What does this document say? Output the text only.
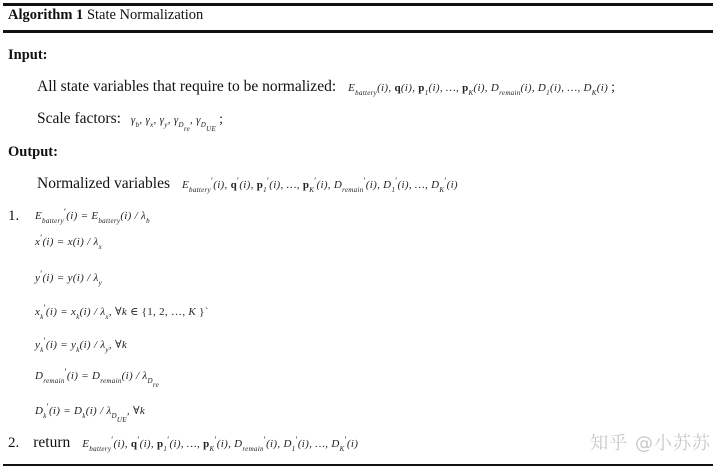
Algorithm 1 State Normalization
Input:
All state variables that require to be normalized: $E_{battery}(i)$, q(i), $p_1(i)$, …, $p_K(i)$, $D_{remain}(i)$, $D_1(i)$, …, $D_K(i)$ ;
Scale factors: $\gamma_b$, $\gamma_x$, $\gamma_y$, $\gamma_{D_{re}}$, $\gamma_{D_{UE}}$ ;
Output:
Normalized variables $E_{battery}'(i)$, q′(i), $p_1'(i)$, …, $p_K'(i)$, $D_{remain}'(i)$, $D_1'(i)$, …, $D_K'(i)$
1. $E_{battery}'(i) = E_{battery}(i) / \lambda_b$
$x'(i) = x(i) / \lambda_x$
$y'(i) = y(i) / \lambda_y$
$x_k'(i) = x_k(i) / \lambda_x$, ∀k ∈ {1, 2, …, K }`
$y_k'(i) = y_k(i) / \lambda_y$, ∀k
$D_{remain}'(i) = D_{remain}(i) / \lambda_{D_{re}}$
$D_k'(i) = D_k(i) / \lambda_{D_{UE}}$, ∀k
2. return $E_{battery}'(i)$, q′(i), $p_1'(i)$, …, $p_K'(i)$, $D_{remain}'(i)$, $D_1'(i)$, …, $D_K'(i)$	知乎 @小苏苏
